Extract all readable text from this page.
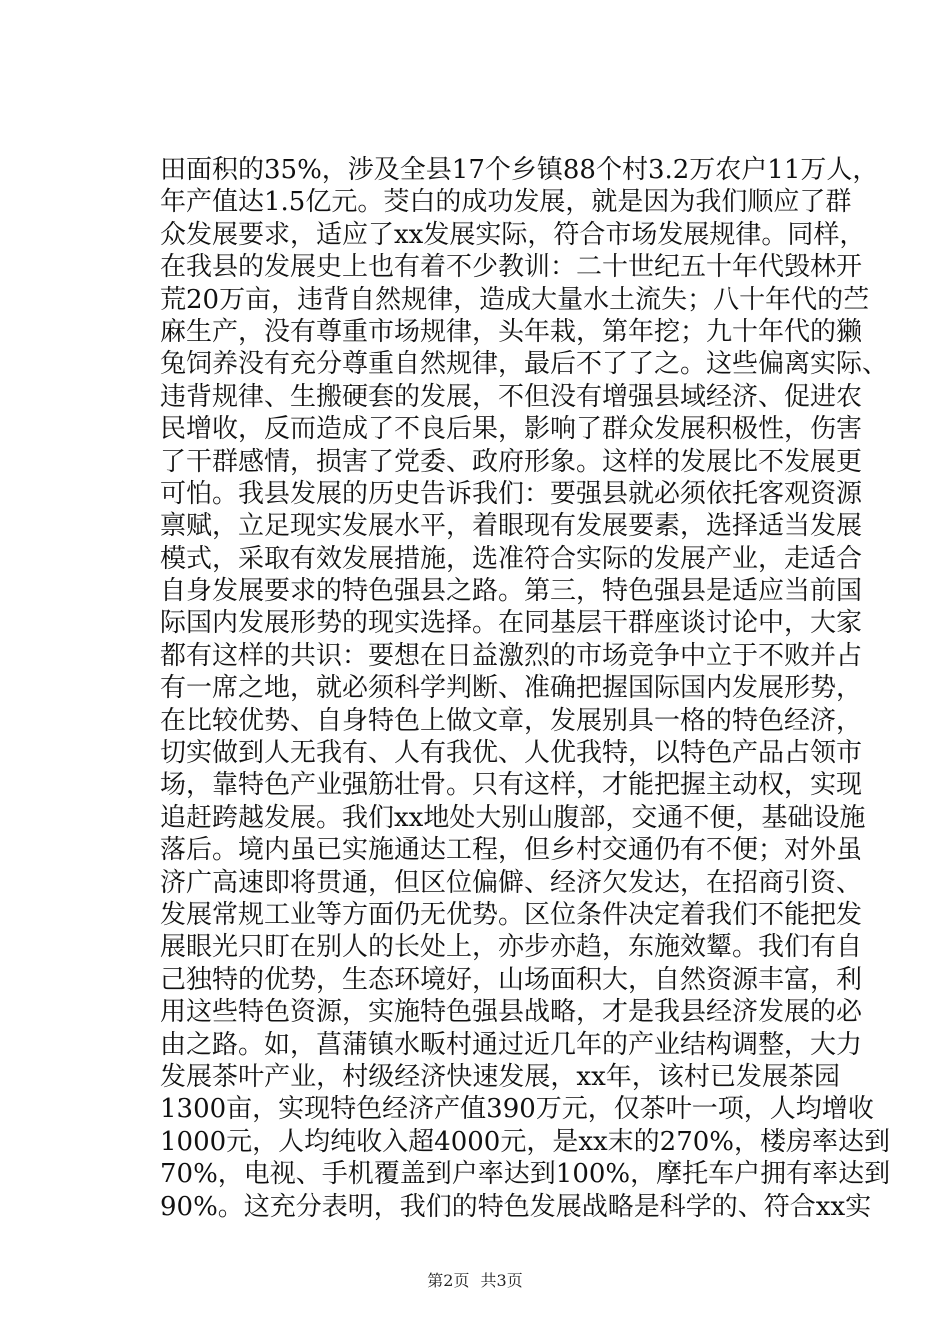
田面积的35%，涉及全县17个乡镇88个村3.2万农户11万人，
年产值达1.5亿元。茭白的成功发展，就是因为我们顺应了群
众发展要求，适应了xx发展实际，符合市场发展规律。同样，
在我县的发展史上也有着不少教训：二十世纪五十年代毁林开
荒20万亩，违背自然规律，造成大量水土流失；八十年代的苎
麻生产，没有尊重市场规律，头年栽，第年挖；九十年代的獭
兔饲养没有充分尊重自然规律，最后不了了之。这些偏离实际、
违背规律、生搬硬套的发展，不但没有增强县域经济、促进农
民增收，反而造成了不良后果，影响了群众发展积极性，伤害
了干群感情，损害了党委、政府形象。这样的发展比不发展更
可怕。我县发展的历史告诉我们：要强县就必须依托客观资源
禀赋，立足现实发展水平，着眼现有发展要素，选择适当发展
模式，采取有效发展措施，选准符合实际的发展产业，走适合
自身发展要求的特色强县之路。第三，特色强县是适应当前国
际国内发展形势的现实选择。在同基层干群座谈讨论中，大家
都有这样的共识：要想在日益激烈的市场竞争中立于不败并占
有一席之地，就必须科学判断、准确把握国际国内发展形势，
在比较优势、自身特色上做文章，发展别具一格的特色经济，
切实做到人无我有、人有我优、人优我特，以特色产品占领市
场，靠特色产业强筋壮骨。只有这样，才能把握主动权，实现
追赶跨越发展。我们xx地处大别山腹部，交通不便，基础设施
落后。境内虽已实施通达工程，但乡村交通仍有不便；对外虽
济广高速即将贯通，但区位偏僻、经济欠发达，在招商引资、
发展常规工业等方面仍无优势。区位条件决定着我们不能把发
展眼光只盯在别人的长处上，亦步亦趋，东施效颦。我们有自
己独特的优势，生态环境好，山场面积大，自然资源丰富，利
用这些特色资源，实施特色强县战略，才是我县经济发展的必
由之路。如，菖蒲镇水畈村通过近几年的产业结构调整，大力
发展茶叶产业，村级经济快速发展，xx年，该村已发展茶园
1300亩，实现特色经济产值390万元，仅茶叶一项，人均增收
1000元，人均纯收入超4000元，是xx末的270%，楼房率达到
70%，电视、手机覆盖到户率达到100%，摩托车户拥有率达到
90%。这充分表明，我们的特色发展战略是科学的、符合xx实
第2页 共3页
